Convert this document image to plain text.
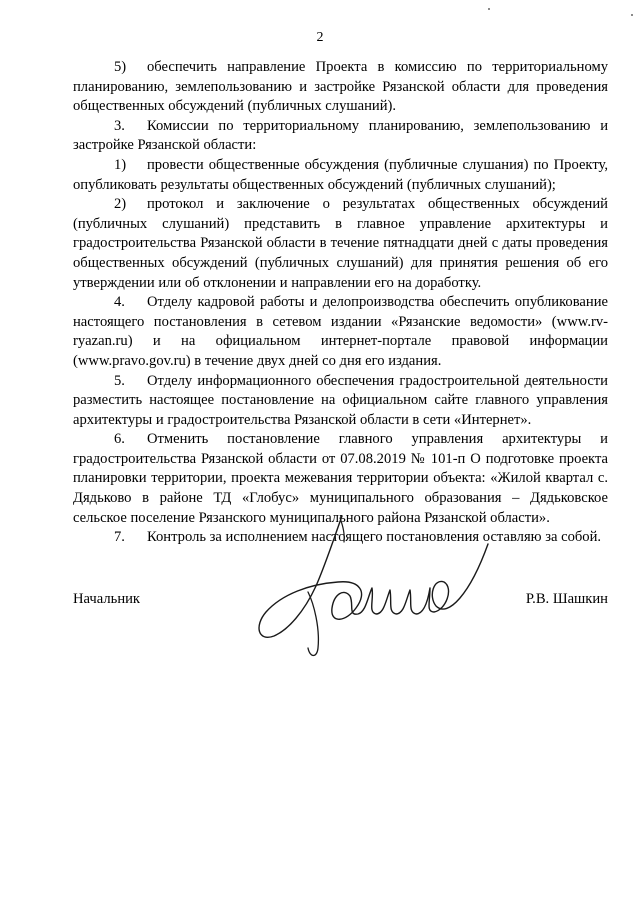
2

5) обеспечить направление Проекта в комиссию по территориальному планированию, землепользованию и застройке Рязанской области для проведения общественных обсуждений (публичных слушаний).

3. Комиссии по территориальному планированию, землепользованию и застройке Рязанской области:

1) провести общественные обсуждения (публичные слушания) по Проекту, опубликовать результаты общественных обсуждений (публичных слушаний);

2) протокол и заключение о результатах общественных обсуждений (публичных слушаний) представить в главное управление архитектуры и градостроительства Рязанской области в течение пятнадцати дней с даты проведения общественных обсуждений (публичных слушаний) для принятия решения об его утверждении или об отклонении и направлении его на доработку.

4. Отделу кадровой работы и делопроизводства обеспечить опубликование настоящего постановления в сетевом издании «Рязанские ведомости» (www.rv-ryazan.ru) и на официальном интернет-портале правовой информации (www.pravo.gov.ru) в течение двух дней со дня его издания.

5. Отделу информационного обеспечения градостроительной деятельности разместить настоящее постановление на официальном сайте главного управления архитектуры и градостроительства Рязанской области в сети «Интернет».

6. Отменить постановление главного управления архитектуры и градостроительства Рязанской области от 07.08.2019 № 101-п О подготовке проекта планировки территории, проекта межевания территории объекта: «Жилой квартал с. Дядьково в районе ТД «Глобус» муниципального образования – Дядьковское сельское поселение Рязанского муниципального района Рязанской области».

7. Контроль за исполнением настоящего постановления оставляю за собой.

Начальник	Р.В. Шашкин
